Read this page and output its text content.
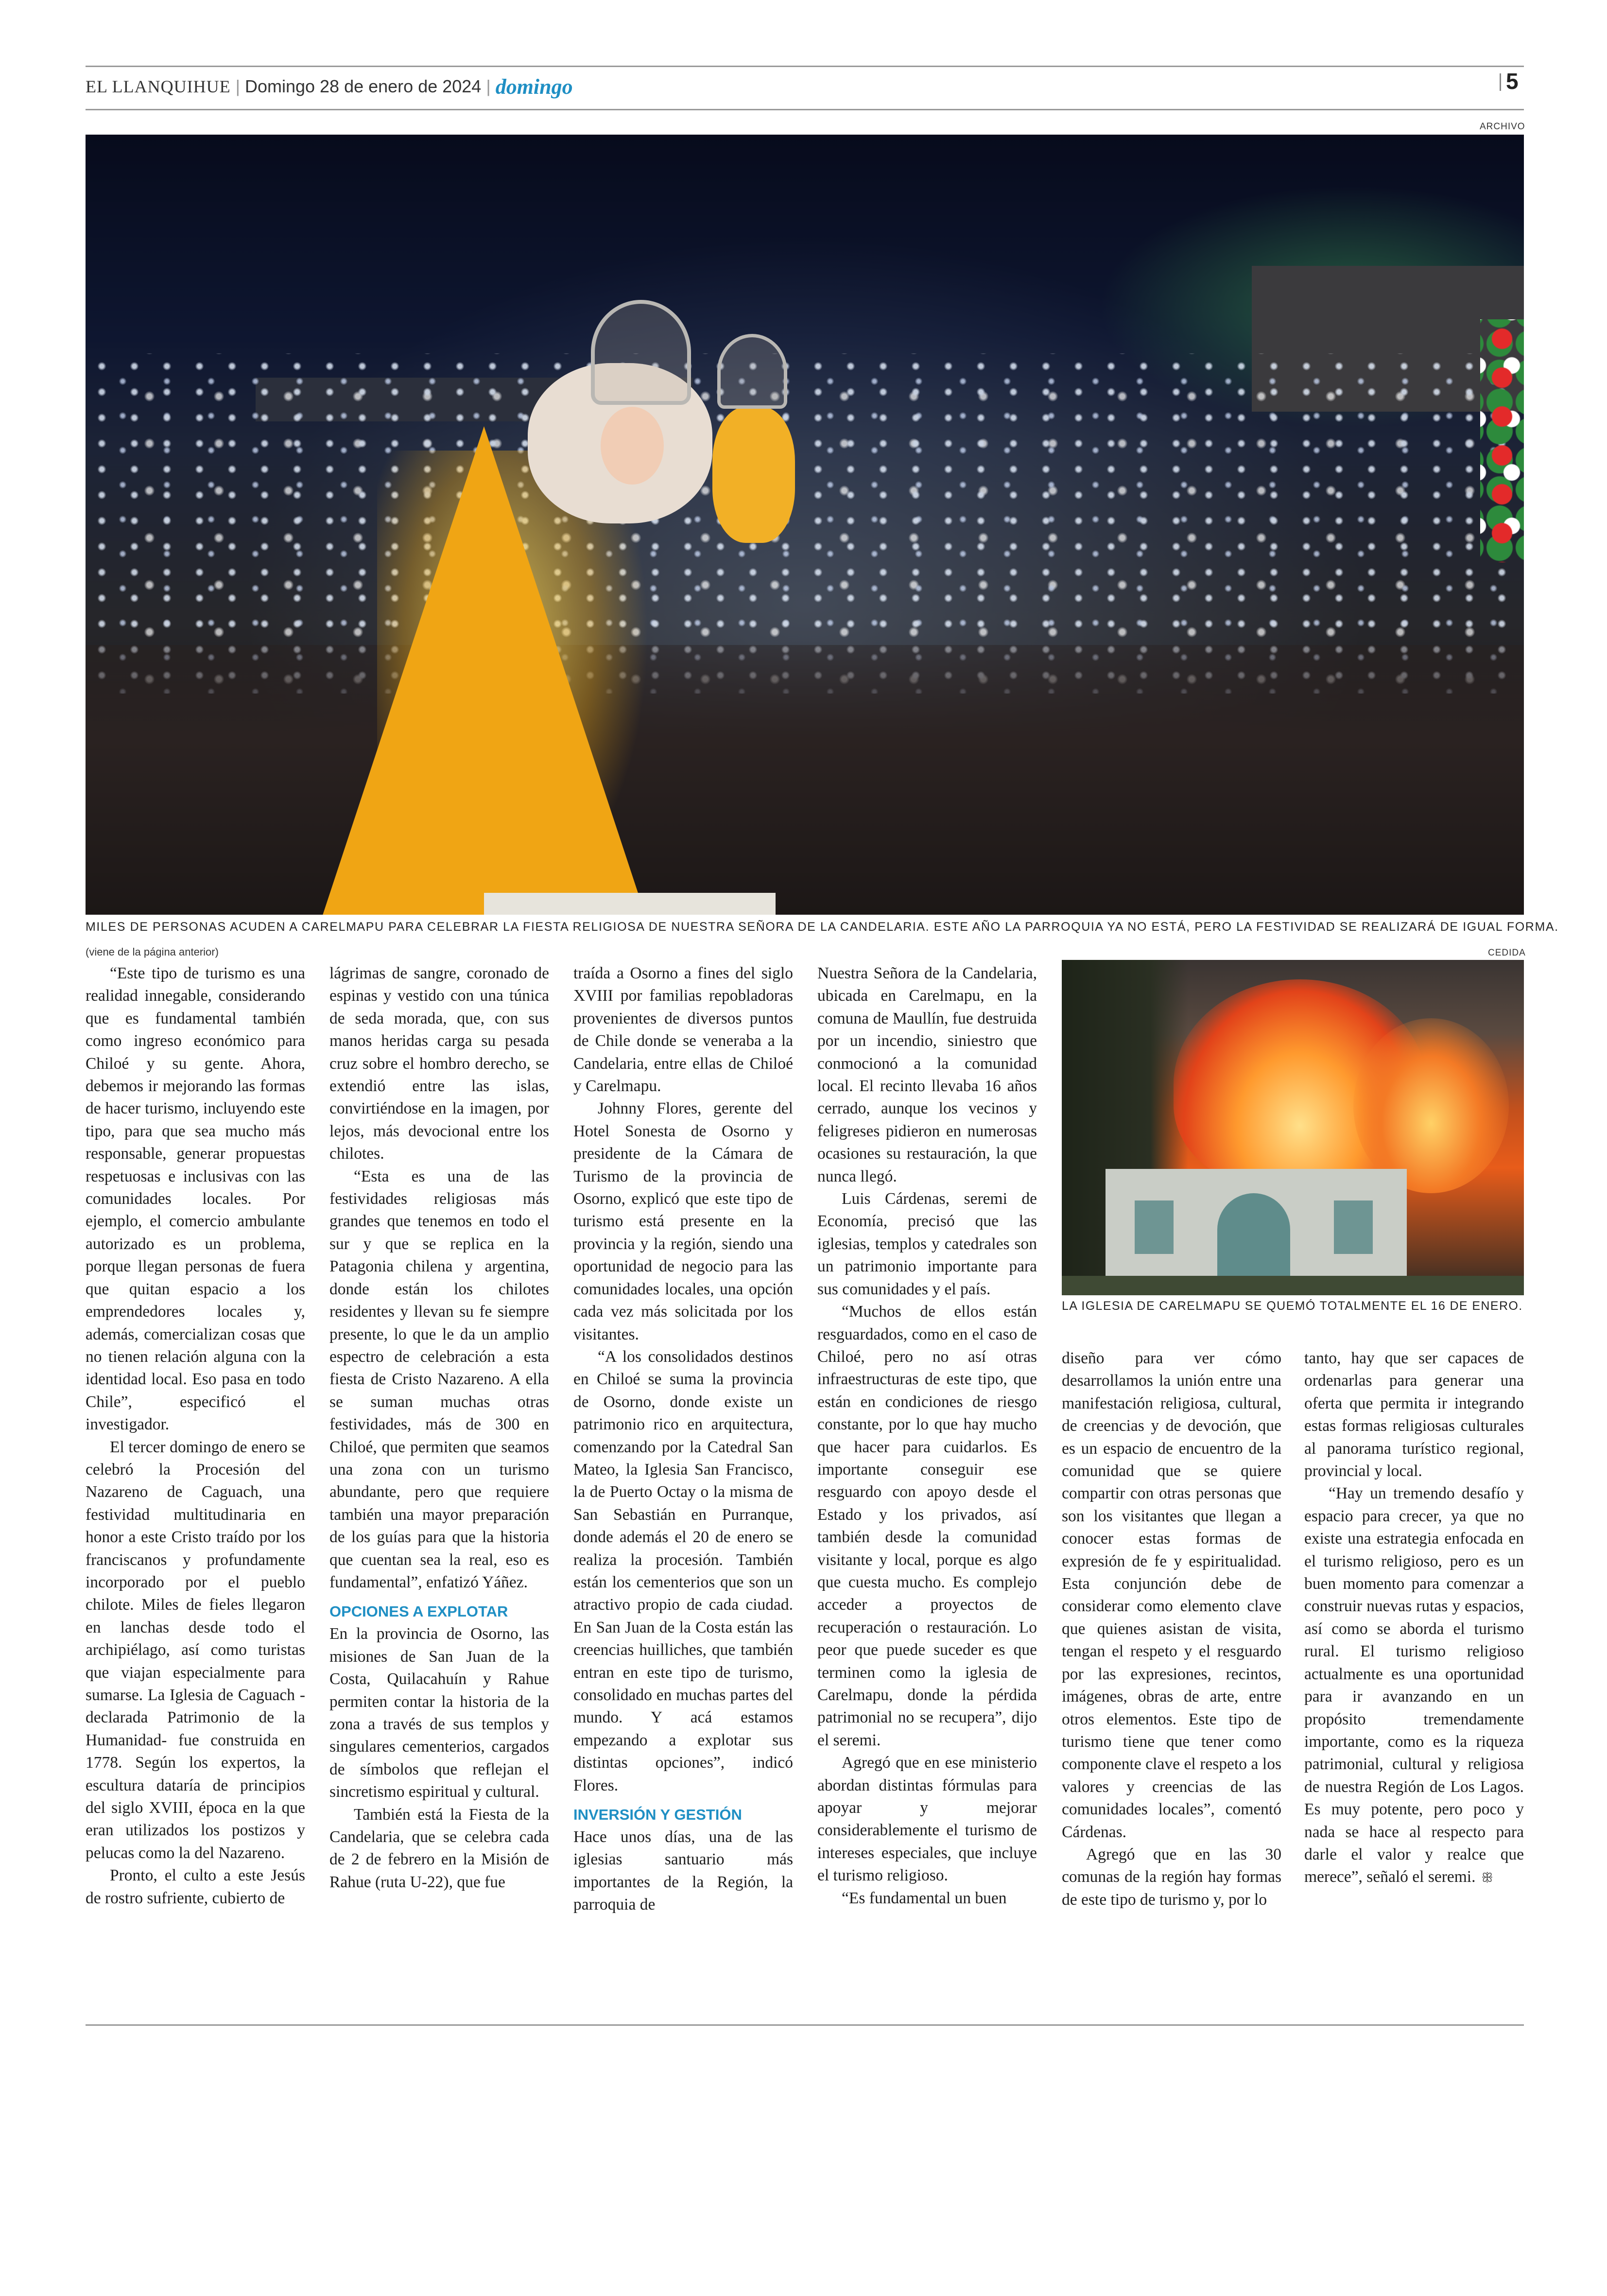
EL LLANQUIHUE | Domingo 28 de enero de 2024 | domingo	5
ARCHIVO
MILES DE PERSONAS ACUDEN A CARELMAPU PARA CELEBRAR LA FIESTA RELIGIOSA DE NUESTRA SEÑORA DE LA CANDELARIA. ESTE AÑO LA PARROQUIA YA NO ESTÁ, PERO LA FESTIVIDAD SE REALIZARÁ DE IGUAL FORMA.
CEDIDA
LA IGLESIA DE CARELMAPU SE QUEMÓ TOTALMENTE EL 16 DE ENERO.
(viene de la página anterior)

“Este tipo de turismo es una realidad innegable, considerando que es fundamental también como ingreso económico para Chiloé y su gente. Ahora, debemos ir mejorando las formas de hacer turismo, incluyendo este tipo, para que sea mucho más responsable, generar propuestas respetuosas e inclusivas con las comunidades locales. Por ejemplo, el comercio ambulante autorizado es un problema, porque llegan personas de fuera que quitan espacio a los emprendedores locales y, además, comercializan cosas que no tienen relación alguna con la identidad local. Eso pasa en todo Chile”, especificó el investigador.

El tercer domingo de enero se celebró la Procesión del Nazareno de Caguach, una festividad multitudinaria en honor a este Cristo traído por los franciscanos y profundamente incorporado por el pueblo chilote. Miles de fieles llegaron en lanchas desde todo el archipiélago, así como turistas que viajan especialmente para sumarse. La Iglesia de Caguach -declarada Patrimonio de la Humanidad- fue construida en 1778. Según los expertos, la escultura dataría de principios del siglo XVIII, época en la que eran utilizados los postizos y pelucas como la del Nazareno.

Pronto, el culto a este Jesús de rostro sufriente, cubierto de

lágrimas de sangre, coronado de espinas y vestido con una túnica de seda morada, que, con sus manos heridas carga su pesada cruz sobre el hombro derecho, se extendió entre las islas, convirtiéndose en la imagen, por lejos, más devocional entre los chilotes.

“Esta es una de las festividades religiosas más grandes que tenemos en todo el sur y que se replica en la Patagonia chilena y argentina, donde están los chilotes residentes y llevan su fe siempre presente, lo que le da un amplio espectro de celebración a esta fiesta de Cristo Nazareno. A ella se suman muchas otras festividades, más de 300 en Chiloé, que permiten que seamos una zona con un turismo abundante, pero que requiere también una mayor preparación de los guías para que la historia que cuentan sea la real, eso es fundamental”, enfatizó Yáñez.

OPCIONES A EXPLOTAR

En la provincia de Osorno, las misiones de San Juan de la Costa, Quilacahuín y Rahue permiten contar la historia de la zona a través de sus templos y singulares cementerios, cargados de símbolos que reflejan el sincretismo espiritual y cultural.

También está la Fiesta de la Candelaria, que se celebra cada de 2 de febrero en la Misión de Rahue (ruta U-22), que fue

traída a Osorno a fines del siglo XVIII por familias repobladoras provenientes de diversos puntos de Chile donde se veneraba a la Candelaria, entre ellas de Chiloé y Carelmapu.

Johnny Flores, gerente del Hotel Sonesta de Osorno y presidente de la Cámara de Turismo de la provincia de Osorno, explicó que este tipo de turismo está presente en la provincia y la región, siendo una oportunidad de negocio para las comunidades locales, una opción cada vez más solicitada por los visitantes.

“A los consolidados destinos en Chiloé se suma la provincia de Osorno, donde existe un patrimonio rico en arquitectura, comenzando por la Catedral San Mateo, la Iglesia San Francisco, la de Puerto Octay o la misma de San Sebastián en Purranque, donde además el 20 de enero se realiza la procesión. También están los cementerios que son un atractivo propio de cada ciudad. En San Juan de la Costa están las creencias huilliches, que también entran en este tipo de turismo, consolidado en muchas partes del mundo. Y acá estamos empezando a explotar sus distintas opciones”, indicó Flores.

INVERSIÓN Y GESTIÓN

Hace unos días, una de las iglesias santuario más importantes de la Región, la parroquia de

Nuestra Señora de la Candelaria, ubicada en Carelmapu, en la comuna de Maullín, fue destruida por un incendio, siniestro que conmocionó a la comunidad local. El recinto llevaba 16 años cerrado, aunque los vecinos y feligreses pidieron en numerosas ocasiones su restauración, la que nunca llegó.

Luis Cárdenas, seremi de Economía, precisó que las iglesias, templos y catedrales son un patrimonio importante para sus comunidades y el país.

“Muchos de ellos están resguardados, como en el caso de Chiloé, pero no así otras infraestructuras de este tipo, que están en condiciones de riesgo constante, por lo que hay mucho que hacer para cuidarlos. Es importante conseguir ese resguardo con apoyo desde el Estado y los privados, así también desde la comunidad visitante y local, porque es algo que cuesta mucho. Es complejo acceder a proyectos de recuperación o restauración. Lo peor que puede suceder es que terminen como la iglesia de Carelmapu, donde la pérdida patrimonial no se recupera”, dijo el seremi.

Agregó que en ese ministerio abordan distintas fórmulas para apoyar y mejorar considerablemente el turismo de intereses especiales, que incluye el turismo religioso.

“Es fundamental un buen

diseño para ver cómo desarrollamos la unión entre una manifestación religiosa, cultural, de creencias y de devoción, que es un espacio de encuentro de la comunidad que se quiere compartir con otras personas que son los visitantes que llegan a conocer estas formas de expresión de fe y espiritualidad. Esta conjunción debe de considerar como elemento clave que quienes asistan de visita, tengan el respeto y el resguardo por las expresiones, recintos, imágenes, obras de arte, entre otros elementos. Este tipo de turismo tiene que tener como componente clave el respeto a los valores y creencias de las comunidades locales”, comentó Cárdenas.

Agregó que en las 30 comunas de la región hay formas de este tipo de turismo y, por lo

tanto, hay que ser capaces de ordenarlas para generar una oferta que permita ir integrando estas formas religiosas culturales al panorama turístico regional, provincial y local.

“Hay un tremendo desafío y espacio para crecer, ya que no existe una estrategia enfocada en el turismo religioso, pero es un buen momento para comenzar a construir nuevas rutas y espacios, así como se aborda el turismo rural. El turismo religioso actualmente es una oportunidad para ir avanzando en un propósito tremendamente importante, como es la riqueza patrimonial, cultural y religiosa de nuestra Región de Los Lagos. Es muy potente, pero poco y nada se hace al respecto para darle el valor y realce que merece”, señaló el seremi. ꕥ
